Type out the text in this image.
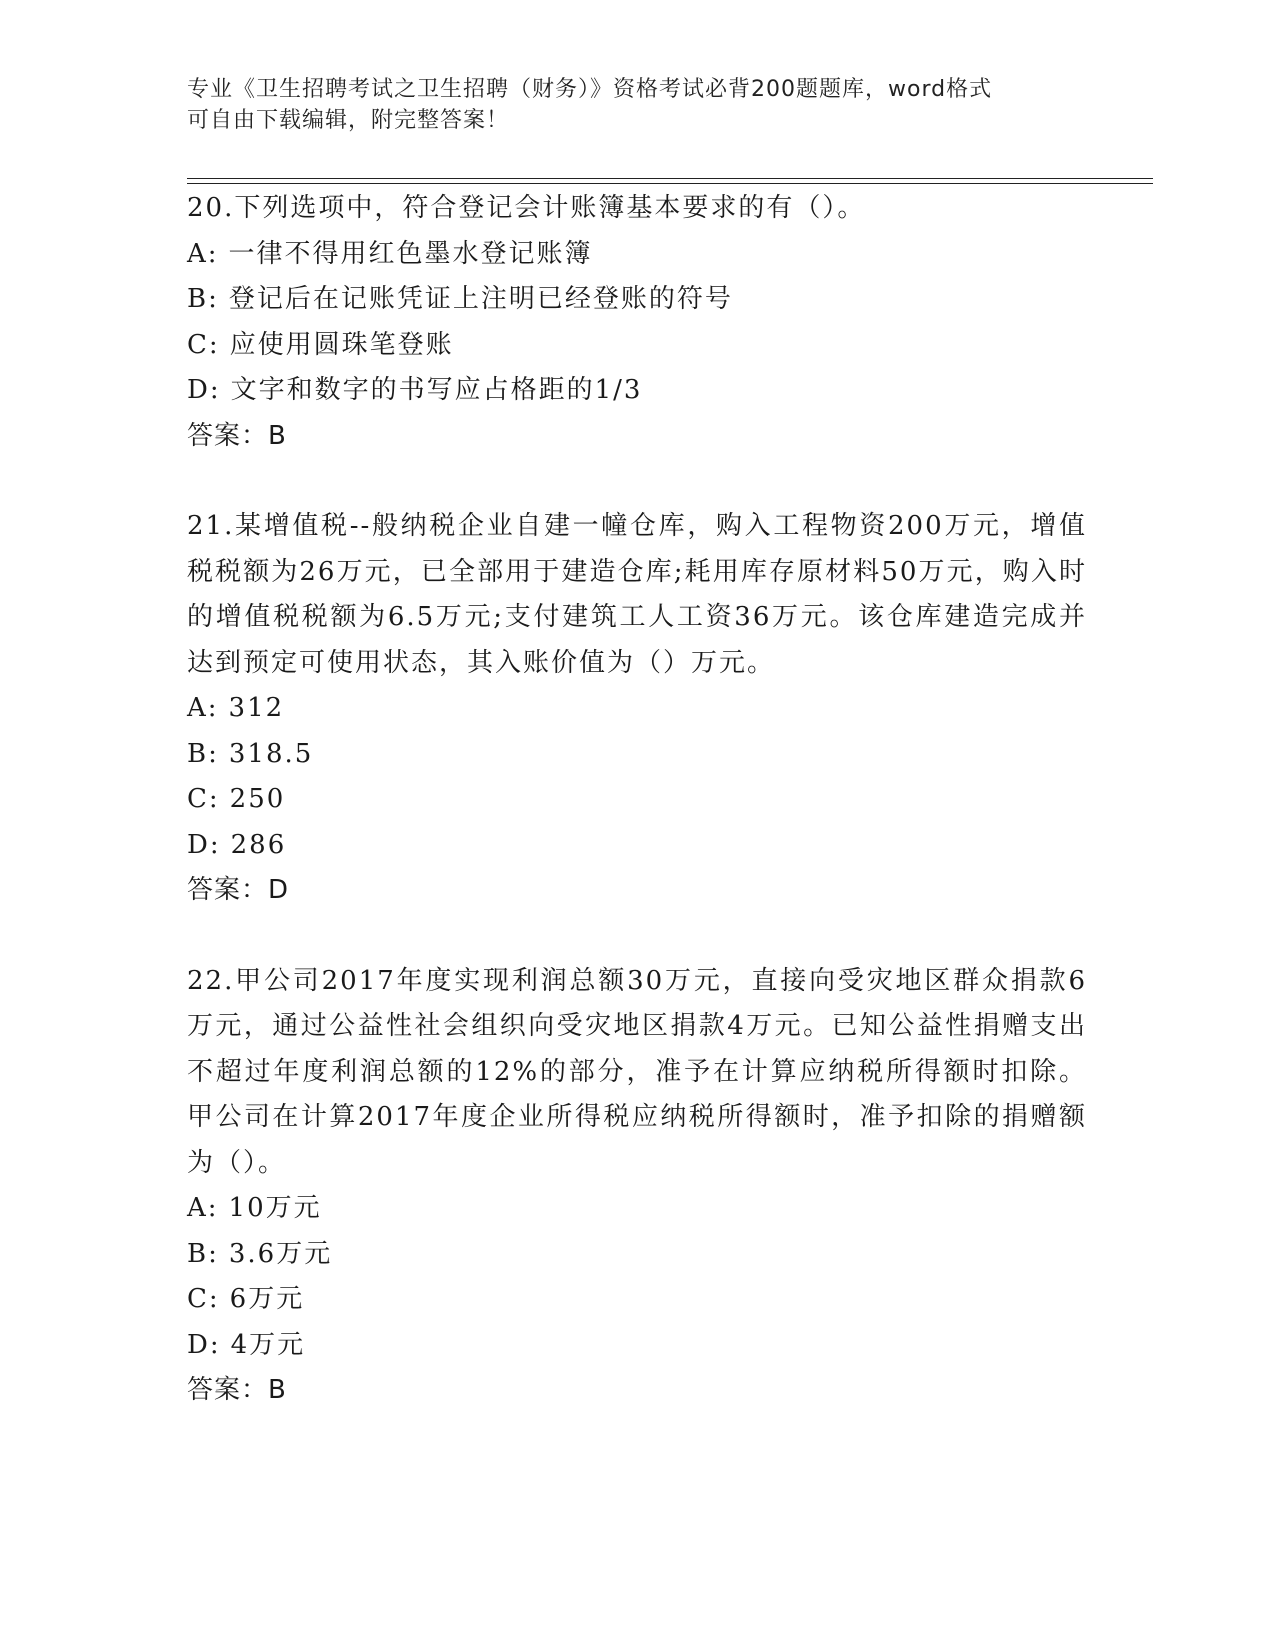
专业《卫生招聘考试之卫生招聘（财务）》资格考试必背200题题库，word格式
可自由下载编辑，附完整答案！

20.下列选项中，符合登记会计账簿基本要求的有（）。

A: 一律不得用红色墨水登记账簿

B: 登记后在记账凭证上注明已经登账的符号

C: 应使用圆珠笔登账

D: 文字和数字的书写应占格距的1/3

答案：B

21.某增值税--般纳税企业自建一幢仓库，购入工程物资200万元，增值税税额为26万元，已全部用于建造仓库;耗用库存原材料50万元，购入时的增值税税额为6.5万元;支付建筑工人工资36万元。该仓库建造完成并达到预定可使用状态，其入账价值为（）万元。

A: 312

B: 318.5

C: 250

D: 286

答案：D

22.甲公司2017年度实现利润总额30万元，直接向受灾地区群众捐款6万元，通过公益性社会组织向受灾地区捐款4万元。已知公益性捐赠支出不超过年度利润总额的12%的部分，准予在计算应纳税所得额时扣除。甲公司在计算2017年度企业所得税应纳税所得额时，准予扣除的捐赠额为（）。

A: 10万元

B: 3.6万元

C: 6万元

D: 4万元

答案：B
